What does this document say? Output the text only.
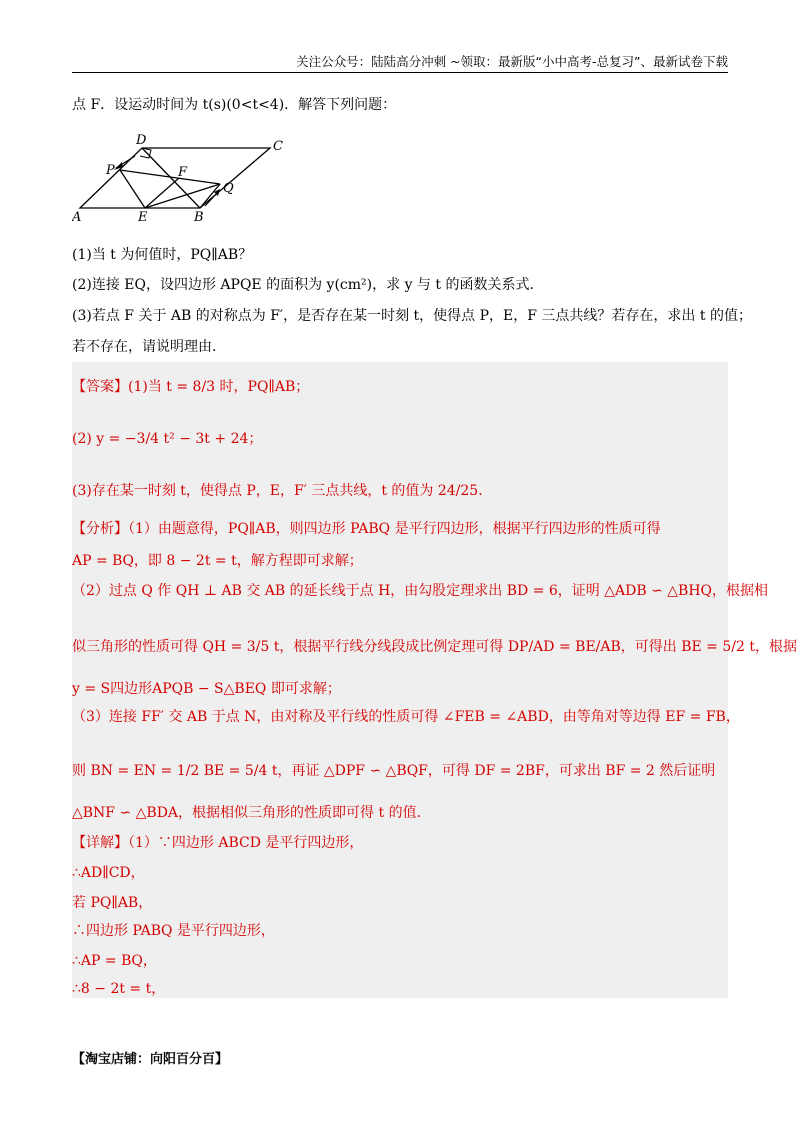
关注公众号：陆陆高分冲刺 ~领取：最新版“小中高考-总复习”、最新试卷下载
点 F．设运动时间为 t(s)(0<t<4)．解答下列问题：
D	C
P	F
Q
A	E	B
(1)当 t 为何值时，PQ∥AB？
(2)连接 EQ，设四边形 APQE 的面积为 y(cm²)，求 y 与 t 的函数关系式．
(3)若点 F 关于 AB 的对称点为 F′，是否存在某一时刻 t，使得点 P，E，F 三点共线？若存在，求出 t 的值；
若不存在，请说明理由．
【答案】(1)当 t = 8/3 时，PQ∥AB；
(2) y = −3/4 t² − 3t + 24；
(3)存在某一时刻 t，使得点 P，E，F′ 三点共线，t 的值为 24/25．
【分析】（1）由题意得，PQ∥AB，则四边形 PABQ 是平行四边形，根据平行四边形的性质可得
AP = BQ，即 8 − 2t = t，解方程即可求解；
（2）过点 Q 作 QH ⊥ AB 交 AB 的延长线于点 H，由勾股定理求出 BD = 6，证明 △ADB ∽ △BHQ，根据相
似三角形的性质可得 QH = 3/5 t，根据平行线分线段成比例定理可得 DP/AD = BE/AB，可得出 BE = 5/2 t，根据
y = S四边形APQB − S△BEQ 即可求解；
（3）连接 FF′ 交 AB 于点 N，由对称及平行线的性质可得 ∠FEB = ∠ABD，由等角对等边得 EF = FB，
则 BN = EN = 1/2 BE = 5/4 t，再证 △DPF ∽ △BQF，可得 DF = 2BF，可求出 BF = 2 然后证明
△BNF ∽ △BDA，根据相似三角形的性质即可得 t 的值．
【详解】（1）∵四边形 ABCD 是平行四边形，
∴AD∥CD，
若 PQ∥AB，
∴四边形 PABQ 是平行四边形，
∴AP = BQ，
∴8 − 2t = t，
【淘宝店铺：向阳百分百】
